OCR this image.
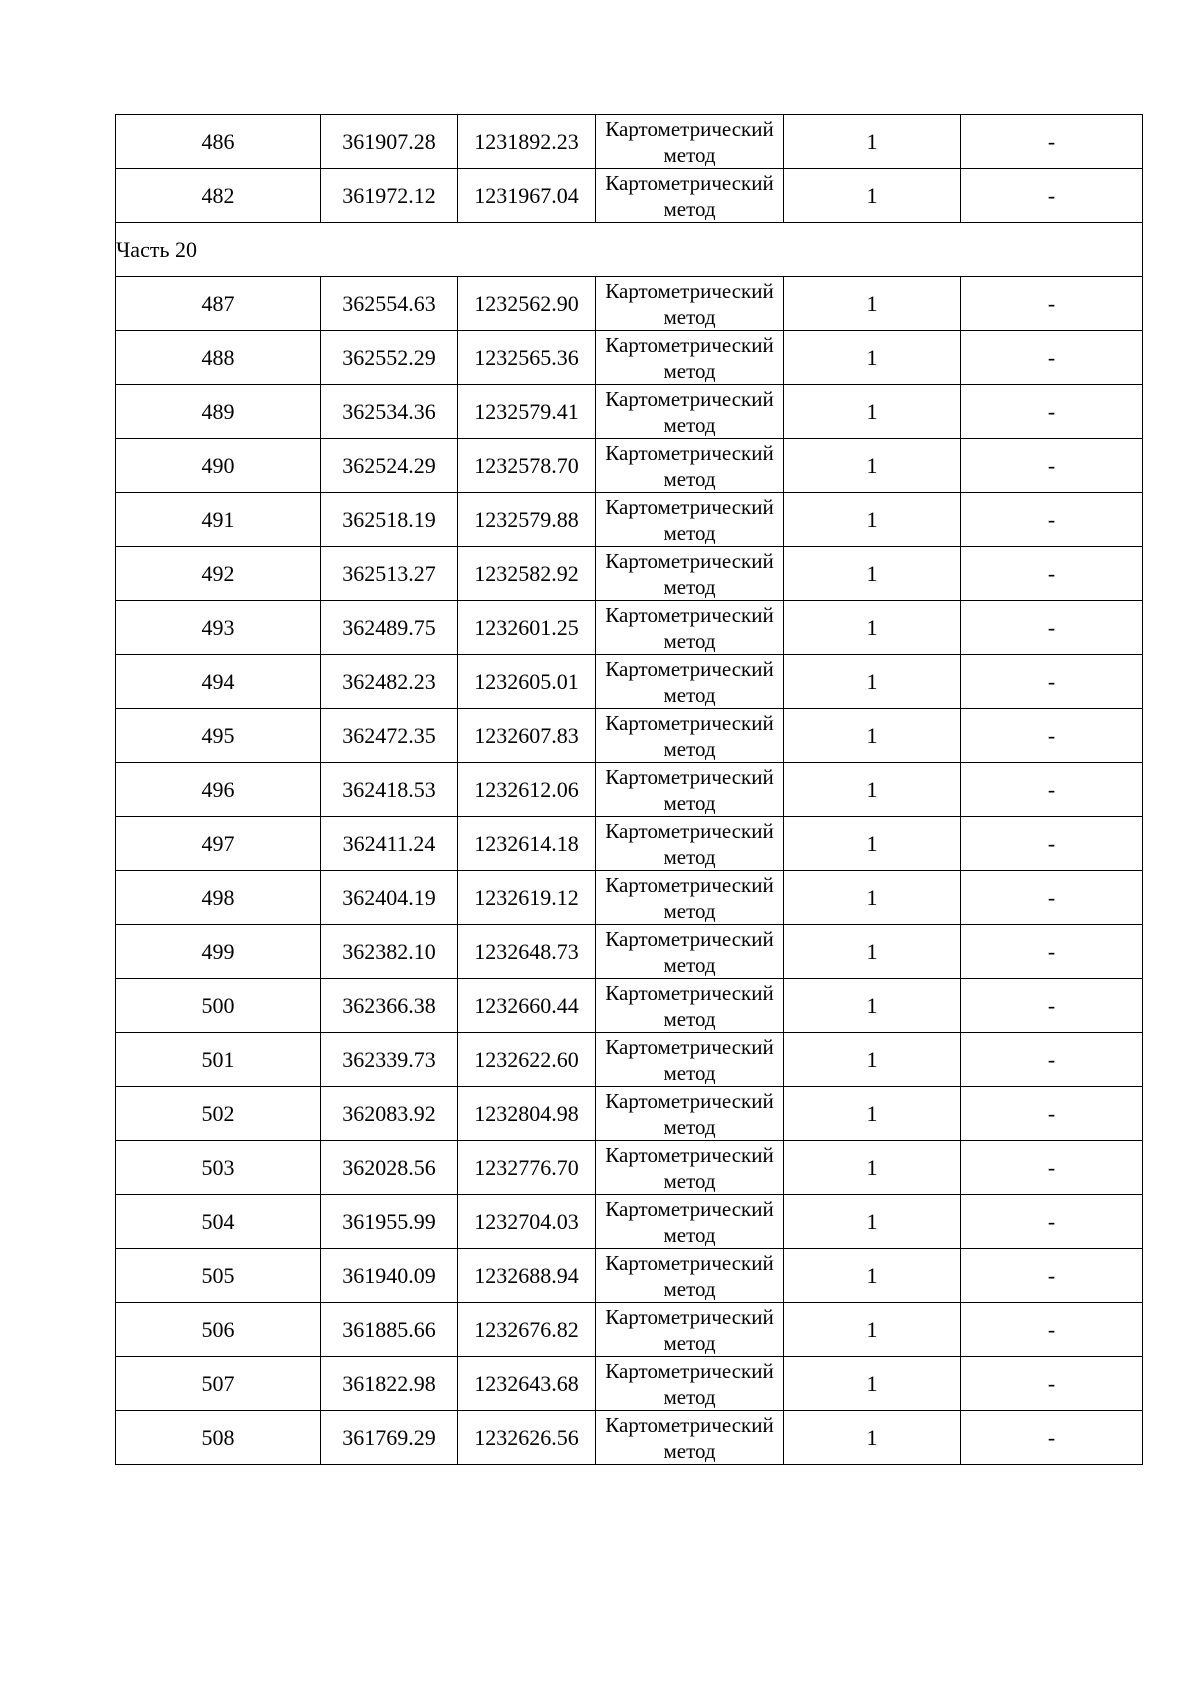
486	361907.28	1231892.23	Картометрический метод	1	-
482	361972.12	1231967.04	Картометрический метод	1	-
Часть 20					
487	362554.63	1232562.90	Картометрический метод	1	-
488	362552.29	1232565.36	Картометрический метод	1	-
489	362534.36	1232579.41	Картометрический метод	1	-
490	362524.29	1232578.70	Картометрический метод	1	-
491	362518.19	1232579.88	Картометрический метод	1	-
492	362513.27	1232582.92	Картометрический метод	1	-
493	362489.75	1232601.25	Картометрический метод	1	-
494	362482.23	1232605.01	Картометрический метод	1	-
495	362472.35	1232607.83	Картометрический метод	1	-
496	362418.53	1232612.06	Картометрический метод	1	-
497	362411.24	1232614.18	Картометрический метод	1	-
498	362404.19	1232619.12	Картометрический метод	1	-
499	362382.10	1232648.73	Картометрический метод	1	-
500	362366.38	1232660.44	Картометрический метод	1	-
501	362339.73	1232622.60	Картометрический метод	1	-
502	362083.92	1232804.98	Картометрический метод	1	-
503	362028.56	1232776.70	Картометрический метод	1	-
504	361955.99	1232704.03	Картометрический метод	1	-
505	361940.09	1232688.94	Картометрический метод	1	-
506	361885.66	1232676.82	Картометрический метод	1	-
507	361822.98	1232643.68	Картометрический метод	1	-
508	361769.29	1232626.56	Картометрический метод	1	-
